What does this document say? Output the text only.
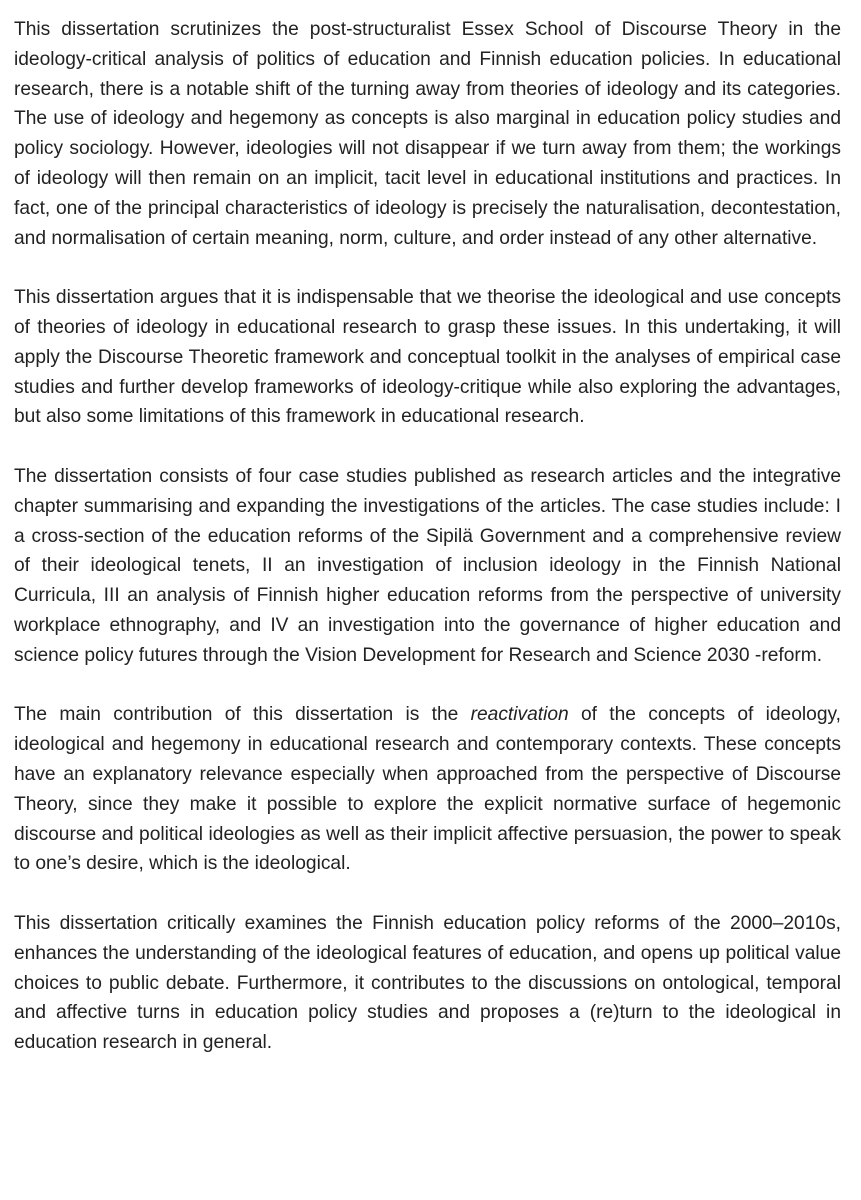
This dissertation scrutinizes the post-structuralist Essex School of Discourse Theory in the ideology-critical analysis of politics of education and Finnish education policies. In educational research, there is a notable shift of the turning away from theories of ideology and its categories. The use of ideology and hegemony as concepts is also marginal in education policy studies and policy sociology. However, ideologies will not disappear if we turn away from them; the workings of ideology will then remain on an implicit, tacit level in educational institutions and practices. In fact, one of the principal characteristics of ideology is precisely the naturalisation, decontestation, and normalisation of certain meaning, norm, culture, and order instead of any other alternative.

This dissertation argues that it is indispensable that we theorise the ideological and use concepts of theories of ideology in educational research to grasp these issues. In this undertaking, it will apply the Discourse Theoretic framework and conceptual toolkit in the analyses of empirical case studies and further develop frameworks of ideology-critique while also exploring the advantages, but also some limitations of this framework in educational research.

The dissertation consists of four case studies published as research articles and the integrative chapter summarising and expanding the investigations of the articles. The case studies include: I a cross-section of the education reforms of the Sipilä Government and a comprehensive review of their ideological tenets, II an investigation of inclusion ideology in the Finnish National Curricula, III an analysis of Finnish higher education reforms from the perspective of university workplace ethnography, and IV an investigation into the governance of higher education and science policy futures through the Vision Development for Research and Science 2030 -reform.

The main contribution of this dissertation is the reactivation of the concepts of ideology, ideological and hegemony in educational research and contemporary contexts. These concepts have an explanatory relevance especially when approached from the perspective of Discourse Theory, since they make it possible to explore the explicit normative surface of hegemonic discourse and political ideologies as well as their implicit affective persuasion, the power to speak to one’s desire, which is the ideological.

This dissertation critically examines the Finnish education policy reforms of the 2000–2010s, enhances the understanding of the ideological features of education, and opens up political value choices to public debate. Furthermore, it contributes to the discussions on ontological, temporal and affective turns in education policy studies and proposes a (re)turn to the ideological in education research in general.
